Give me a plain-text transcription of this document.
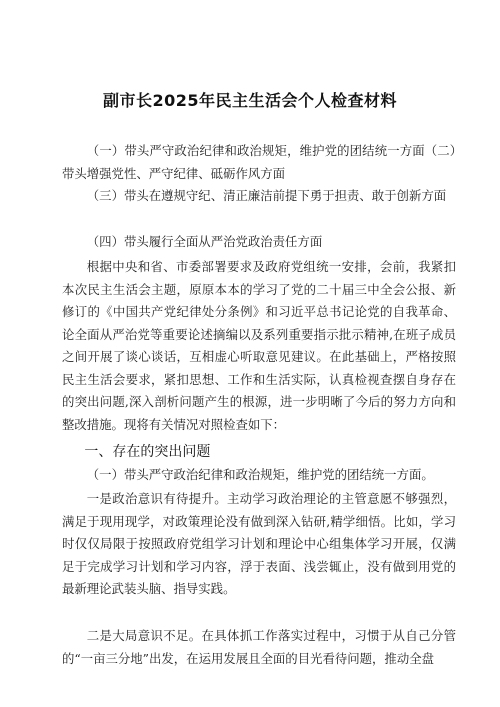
副市长2025年民主生活会个人检查材料

（一）带头严守政治纪律和政治规矩，维护党的团结统一方面（二）带头增强党性、严守纪律、砥砺作风方面

（三）带头在遵规守纪、清正廉洁前提下勇于担责、敢于创新方面

（四）带头履行全面从严治党政治责任方面

根据中央和省、市委部署要求及政府党组统一安排，会前，我紧扣本次民主生活会主题，原原本本的学习了党的二十届三中全会公报、新修订的《中国共产党纪律处分条例》和习近平总书记论党的自我革命、论全面从严治党等重要论述摘编以及系列重要指示批示精神,在班子成员之间开展了谈心谈话，互相虚心听取意见建议。在此基础上，严格按照民主生活会要求，紧扣思想、工作和生活实际，认真检视查摆自身存在的突出问题,深入剖析问题产生的根源，进一步明晰了今后的努力方向和整改措施。现将有关情况对照检查如下：

一、存在的突出问题

（一）带头严守政治纪律和政治规矩，维护党的团结统一方面。

一是政治意识有待提升。主动学习政治理论的主管意愿不够强烈，满足于现用现学，对政策理论没有做到深入钻研,精学细悟。比如，学习时仅仅局限于按照政府党组学习计划和理论中心组集体学习开展，仅满足于完成学习计划和学习内容，浮于表面、浅尝辄止，没有做到用党的最新理论武装头脑、指导实践。

二是大局意识不足。在具体抓工作落实过程中，习惯于从自己分管的“一亩三分地”出发，在运用发展且全面的目光看待问题，推动全盘
